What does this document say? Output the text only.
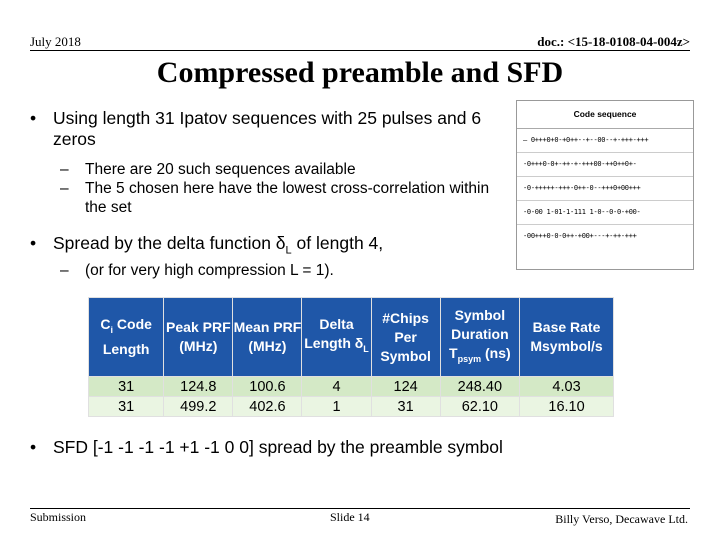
July 2018	doc.: <15-18-0108-04-004z>
Compressed preamble and SFD
• Using length 31 Ipatov sequences with 25 pulses and 6 zeros
– There are 20 such sequences available
– The 5 chosen here have the lowest cross-correlation within the set
• Spread by the delta function $\delta_L$ of length 4,
– (or for very high compression L = 1).
Code sequence
– 0+++0+0-+0++--+--00--+-+++-+++
-0+++0-0+-++-+-+++00-++0++0+-
-0-+++++-+++-0++-0--+++0+00+++
-0-00 1-01-1-111 1-0--0-0-+00-
-00+++0-0-0++-+00+---+-++-+++
$C_i$ Code Length	Peak PRF (MHz)	Mean PRF (MHz)	Delta Length $\delta_L$	#Chips Per Symbol	Symbol Duration $T_{psym}$ (ns)	Base Rate Msymbol/s
31	124.8	100.6	4	124	248.40	4.03
31	499.2	402.6	1	31	62.10	16.10
• SFD [-1 -1 -1 -1 +1 -1 0 0] spread by the preamble symbol
Submission	Slide 14	Billy Verso, Decawave Ltd.
